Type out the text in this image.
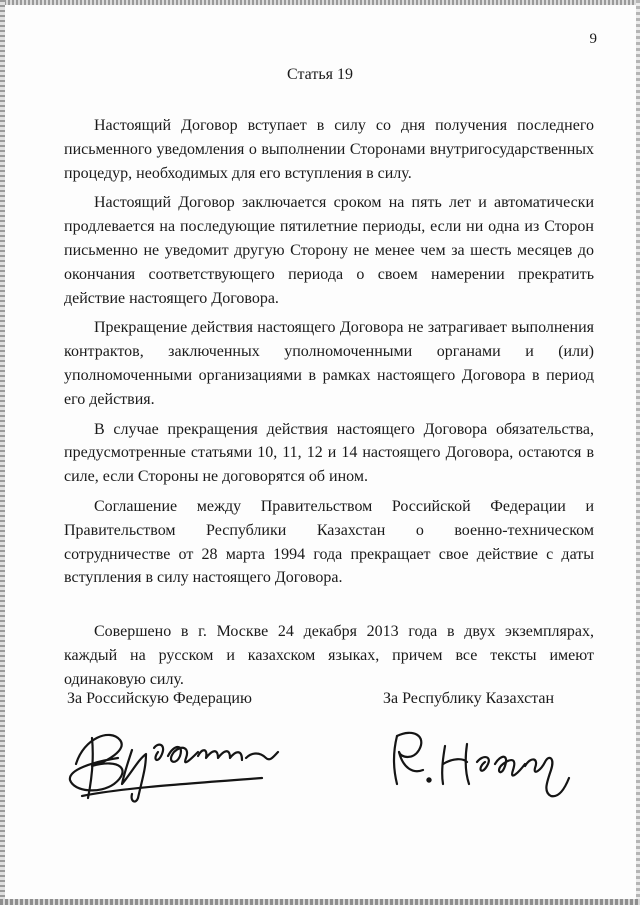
9
Статья 19

Настоящий Договор вступает в силу со дня получения последнего письменного уведомления о выполнении Сторонами внутригосударственных процедур, необходимых для его вступления в силу.

Настоящий Договор заключается сроком на пять лет и автоматически продлевается на последующие пятилетние периоды, если ни одна из Сторон письменно не уведомит другую Сторону не менее чем за шесть месяцев до окончания соответствующего периода о своем намерении прекратить действие настоящего Договора.

Прекращение действия настоящего Договора не затрагивает выполнения контрактов, заключенных уполномоченными органами и (или) уполномоченными организациями в рамках настоящего Договора в период его действия.

В случае прекращения действия настоящего Договора обязательства, предусмотренные статьями 10, 11, 12 и 14 настоящего Договора, остаются в силе, если Стороны не договорятся об ином.

Соглашение между Правительством Российской Федерации и Правительством Республики Казахстан о военно-техническом сотрудничестве от 28 марта 1994 года прекращает свое действие с даты вступления в силу настоящего Договора.

Совершено в г. Москве 24 декабря 2013 года в двух экземплярах, каждый на русском и казахском языках, причем все тексты имеют одинаковую силу.

За Российскую Федерацию	За Республику Казахстан
